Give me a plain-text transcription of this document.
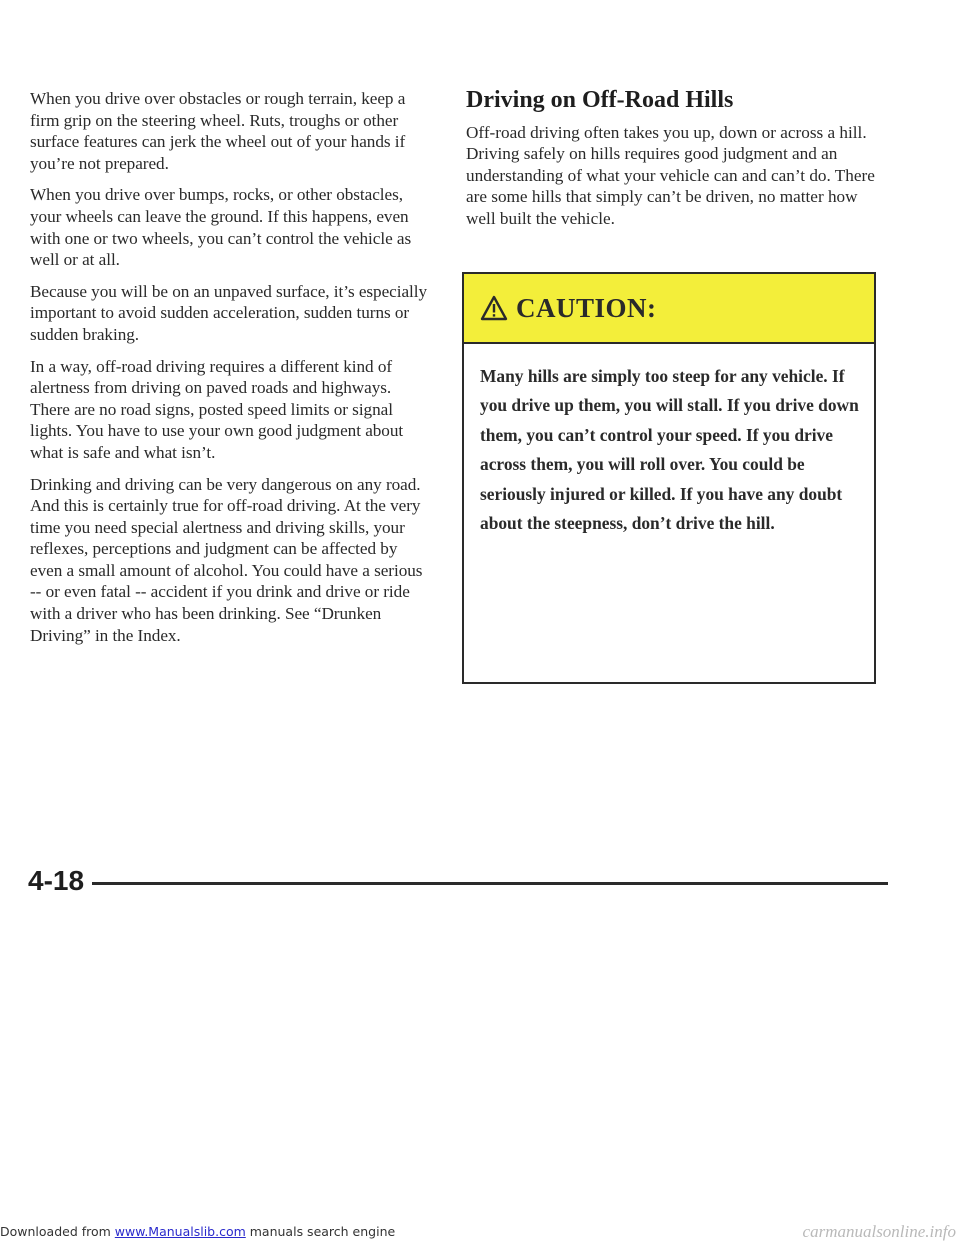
When you drive over obstacles or rough terrain, keep a firm grip on the steering wheel. Ruts, troughs or other surface features can jerk the wheel out of your hands if you’re not prepared.

When you drive over bumps, rocks, or other obstacles, your wheels can leave the ground. If this happens, even with one or two wheels, you can’t control the vehicle as well or at all.

Because you will be on an unpaved surface, it’s especially important to avoid sudden acceleration, sudden turns or sudden braking.

In a way, off-road driving requires a different kind of alertness from driving on paved roads and highways. There are no road signs, posted speed limits or signal lights. You have to use your own good judgment about what is safe and what isn’t.

Drinking and driving can be very dangerous on any road. And this is certainly true for off-road driving. At the very time you need special alertness and driving skills, your reflexes, perceptions and judgment can be affected by even a small amount of alcohol. You could have a serious -- or even fatal -- accident if you drink and drive or ride with a driver who has been drinking. See “Drunken Driving” in the Index.

Driving on Off-Road Hills

Off-road driving often takes you up, down or across a hill. Driving safely on hills requires good judgment and an understanding of what your vehicle can and can’t do. There are some hills that simply can’t be driven, no matter how well built the vehicle.

CAUTION:
Many hills are simply too steep for any vehicle. If you drive up them, you will stall. If you drive down them, you can’t control your speed. If you drive across them, you will roll over. You could be seriously injured or killed. If you have any doubt about the steepness, don’t drive the hill.
4-18
Downloaded from www.Manualslib.com manuals search engine	carmanualsonline.info
